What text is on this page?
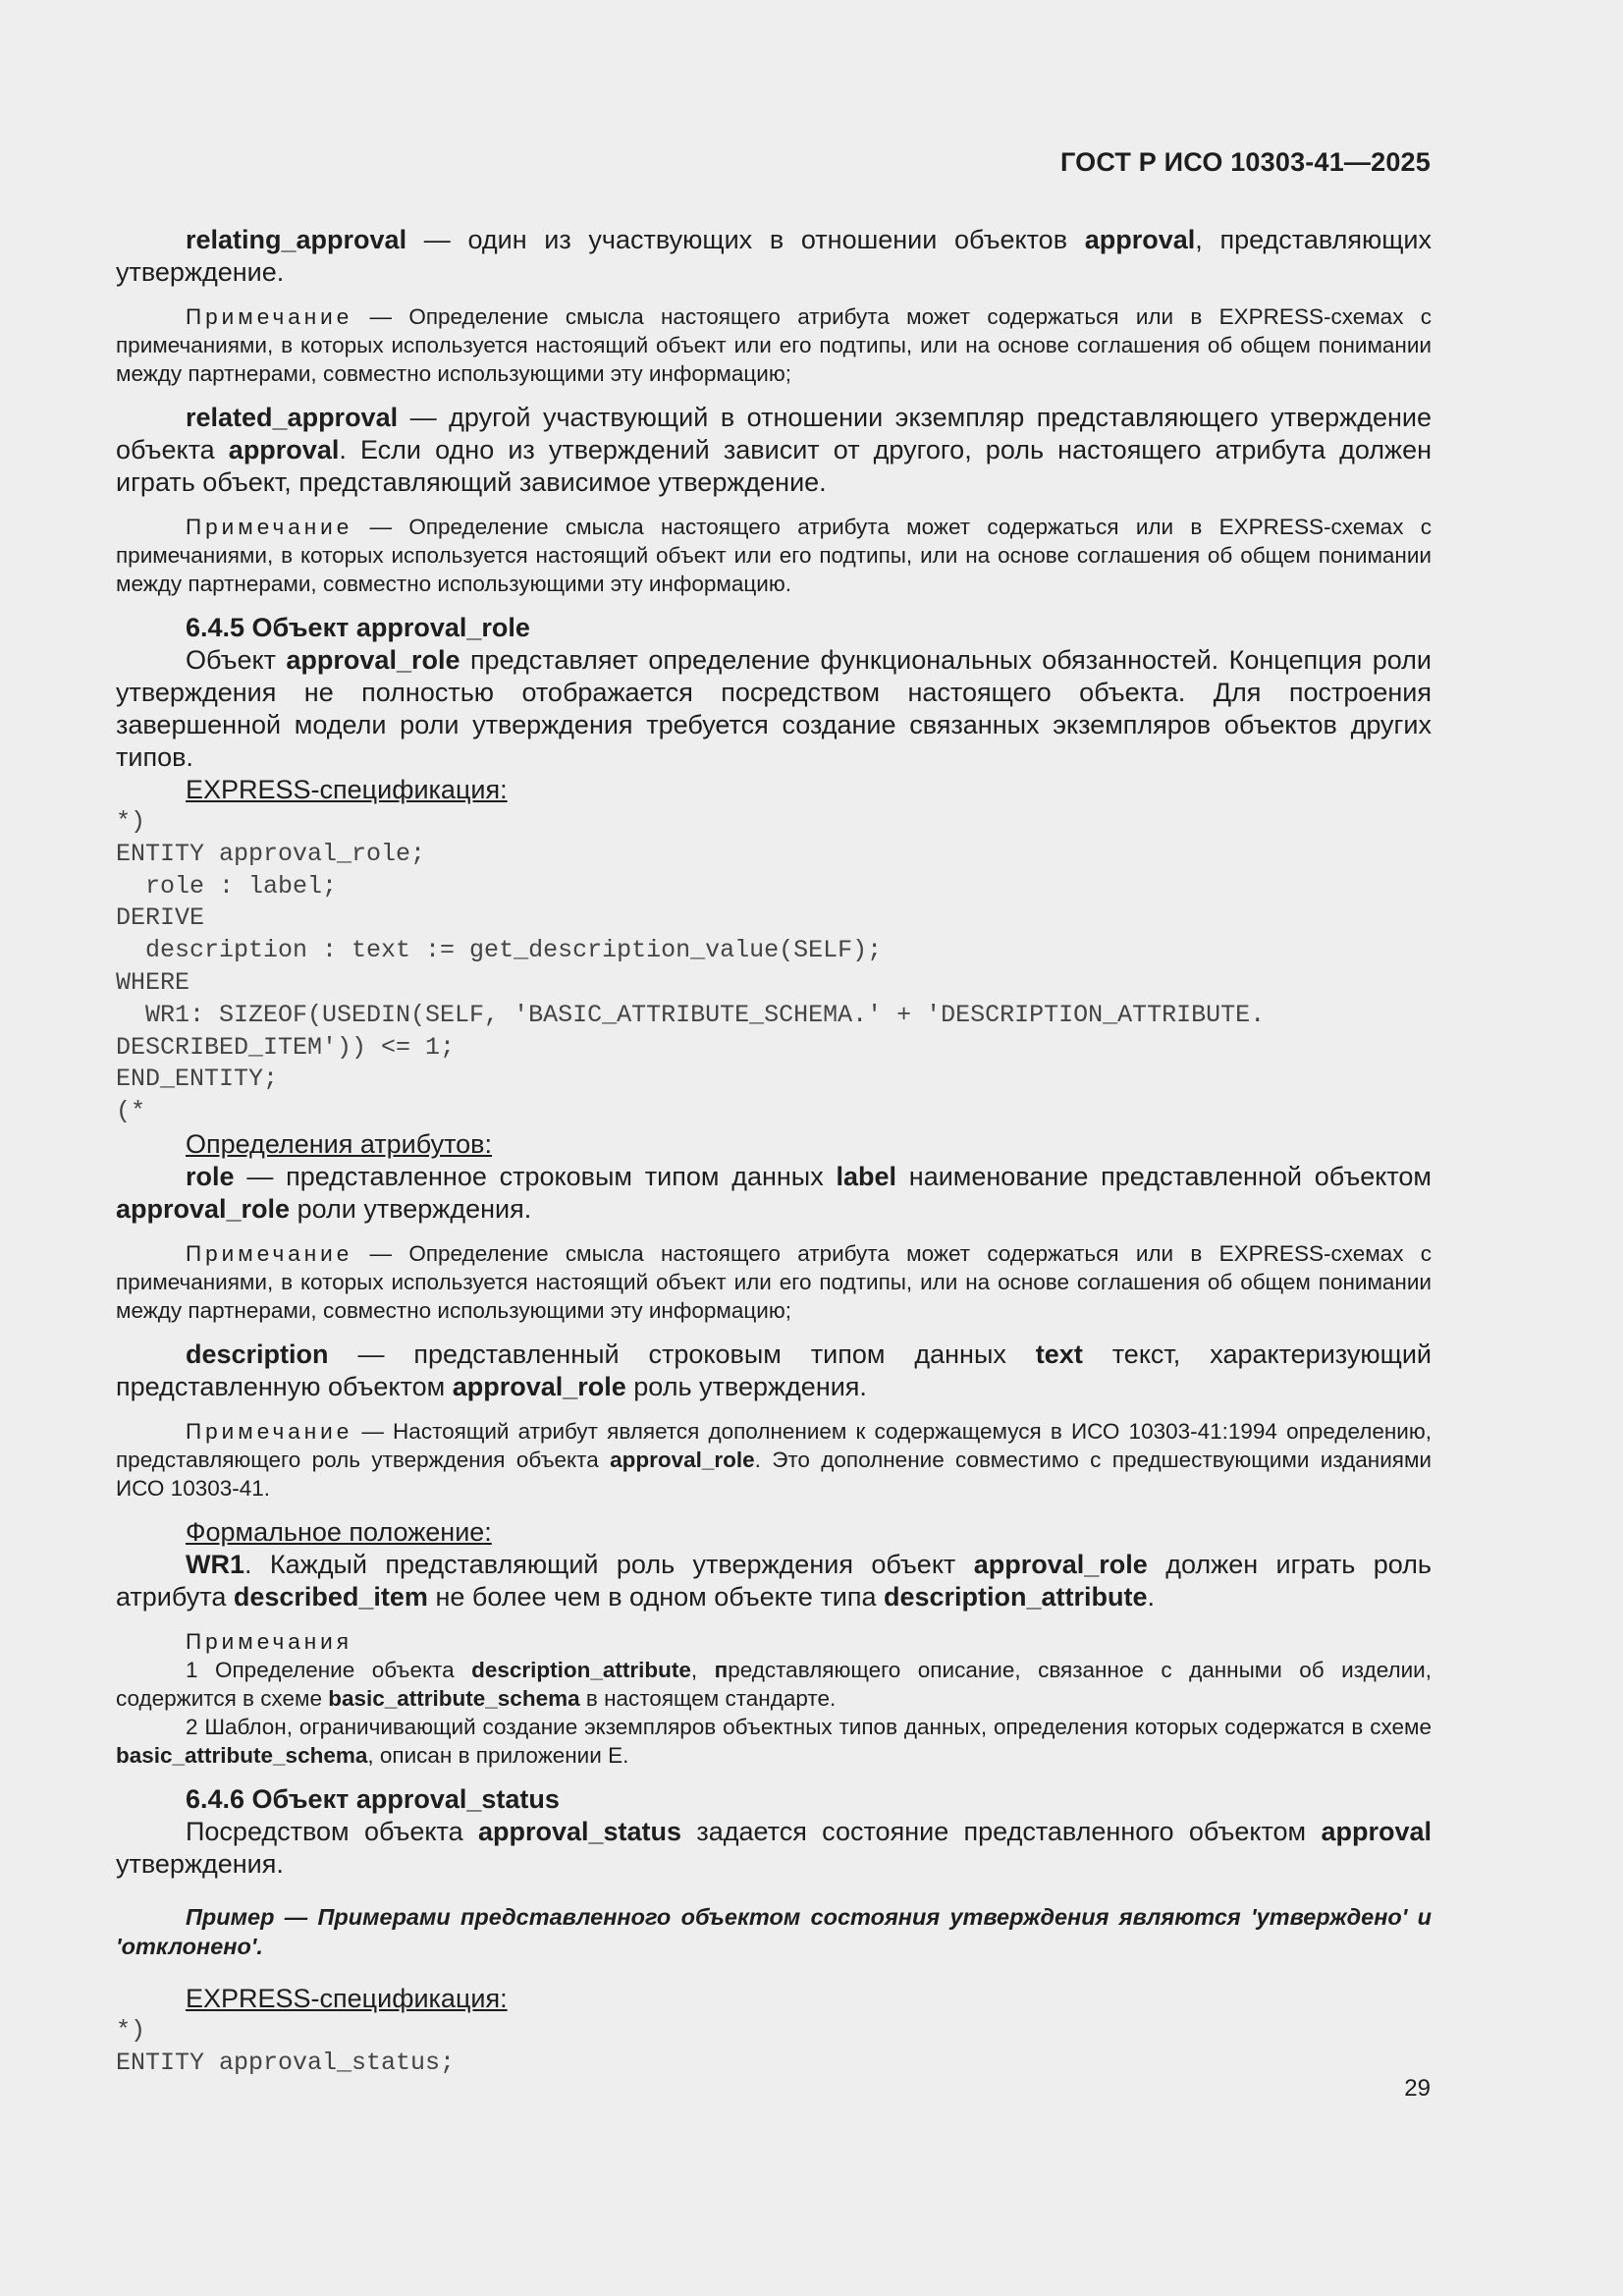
ГОСТ Р ИСО 10303-41—2025

relating_approval — один из участвующих в отношении объектов approval, представляющих утверждение.

Примечание — Определение смысла настоящего атрибута может содержаться или в EXPRESS-схемах с примечаниями, в которых используется настоящий объект или его подтипы, или на основе соглашения об общем понимании между партнерами, совместно использующими эту информацию;

related_approval — другой участвующий в отношении экземпляр представляющего утверждение объекта approval. Если одно из утверждений зависит от другого, роль настоящего атрибута должен играть объект, представляющий зависимое утверждение.

Примечание — Определение смысла настоящего атрибута может содержаться или в EXPRESS-схемах с примечаниями, в которых используется настоящий объект или его подтипы, или на основе соглашения об общем понимании между партнерами, совместно использующими эту информацию.

6.4.5 Объект approval_role

Объект approval_role представляет определение функциональных обязанностей. Концепция роли утверждения не полностью отображается посредством настоящего объекта. Для построения завершенной модели роли утверждения требуется создание связанных экземпляров объектов других типов.

EXPRESS-спецификация:

*)
ENTITY approval_role;
role : label;
DERIVE
description : text := get_description_value(SELF);
WHERE
WR1: SIZEOF(USEDIN(SELF, 'BASIC_ATTRIBUTE_SCHEMA.' + 'DESCRIPTION_ATTRIBUTE.
DESCRIBED_ITEM')) <= 1;
END_ENTITY;
(*

Определения атрибутов:

role — представленное строковым типом данных label наименование представленной объектом approval_role роли утверждения.

Примечание — Определение смысла настоящего атрибута может содержаться или в EXPRESS-схемах с примечаниями, в которых используется настоящий объект или его подтипы, или на основе соглашения об общем понимании между партнерами, совместно использующими эту информацию;

description — представленный строковым типом данных text текст, характеризующий представленную объектом approval_role роль утверждения.

Примечание — Настоящий атрибут является дополнением к содержащемуся в ИСО 10303-41:1994 определению, представляющего роль утверждения объекта approval_role. Это дополнение совместимо с предшествующими изданиями ИСО 10303-41.

Формальное положение:

WR1. Каждый представляющий роль утверждения объект approval_role должен играть роль атрибута described_item не более чем в одном объекте типа description_attribute.

Примечания

1 Определение объекта description_attribute, представляющего описание, связанное с данными об изделии, содержится в схеме basic_attribute_schema в настоящем стандарте.

2 Шаблон, ограничивающий создание экземпляров объектных типов данных, определения которых содержатся в схеме basic_attribute_schema, описан в приложении Е.

6.4.6 Объект approval_status

Посредством объекта approval_status задается состояние представленного объектом approval утверждения.

Пример — Примерами представленного объектом состояния утверждения являются 'утверждено' и 'отклонено'.

EXPRESS-спецификация:

*)
ENTITY approval_status;
29
